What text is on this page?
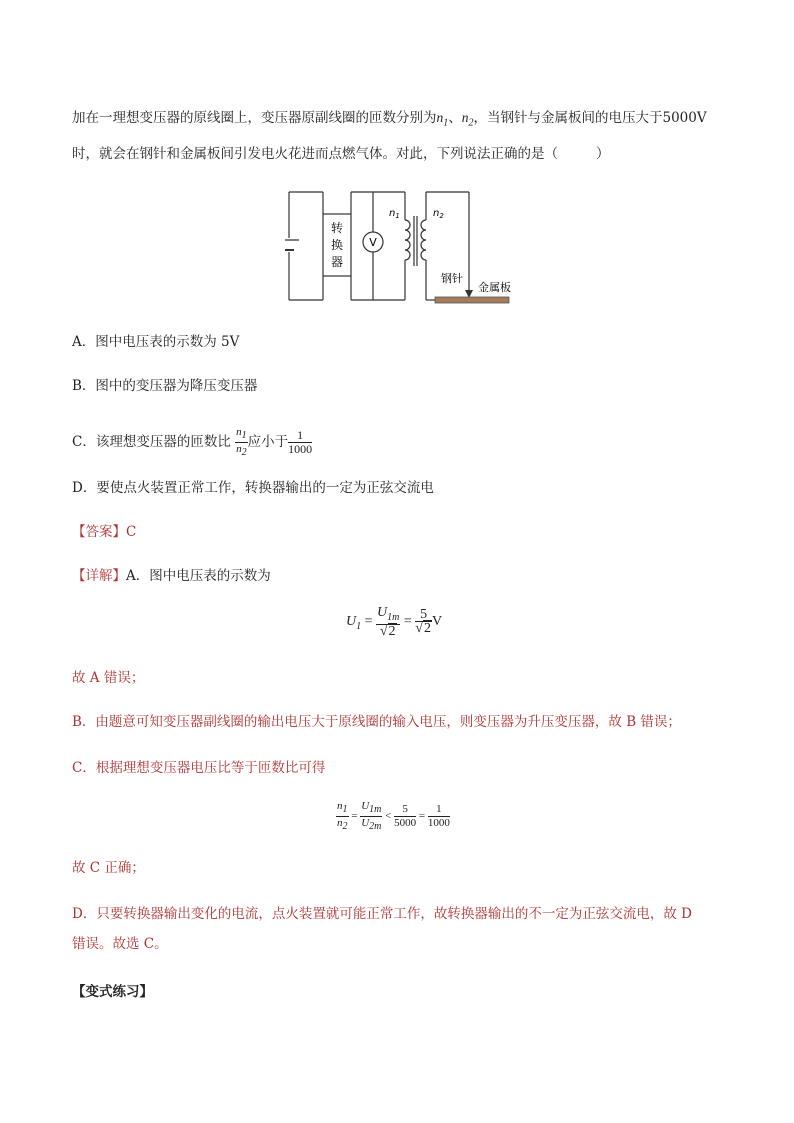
加在一理想变压器的原线圈上，变压器原副线圈的匝数分别为$n_1$、$n_2$，当钢针与金属板间的电压大于5000V
时，就会在钢针和金属板间引发电火花进而点燃气体。对此，下列说法正确的是（	）
转
换
器
V
$n_1$	$n_2$
钢针
金属板
A．图中电压表的示数为 5V
B．图中的变压器为降压变压器
C．该理想变压器的匝数比 $\frac{n_1}{n_2}$ 应小于 $\frac{1}{1000}$
D．要使点火装置正常工作，转换器输出的一定为正弦交流电
【答案】C
【详解】A．图中电压表的示数为
$U_1 = \frac{U_{1m}}{√2} = \frac{5}{√2}$ V
故 A 错误；
B．由题意可知变压器副线圈的输出电压大于原线圈的输入电压，则变压器为升压变压器，故 B 错误；
C．根据理想变压器电压比等于匝数比可得
$\frac{n_1}{n_2} = \frac{U_{1m}}{U_{2m}} < \frac{5}{5000} = \frac{1}{1000}$
故 C 正确；
D．只要转换器输出变化的电流，点火装置就可能正常工作，故转换器输出的不一定为正弦交流电，故 D
错误。故选 C。
【变式练习】
